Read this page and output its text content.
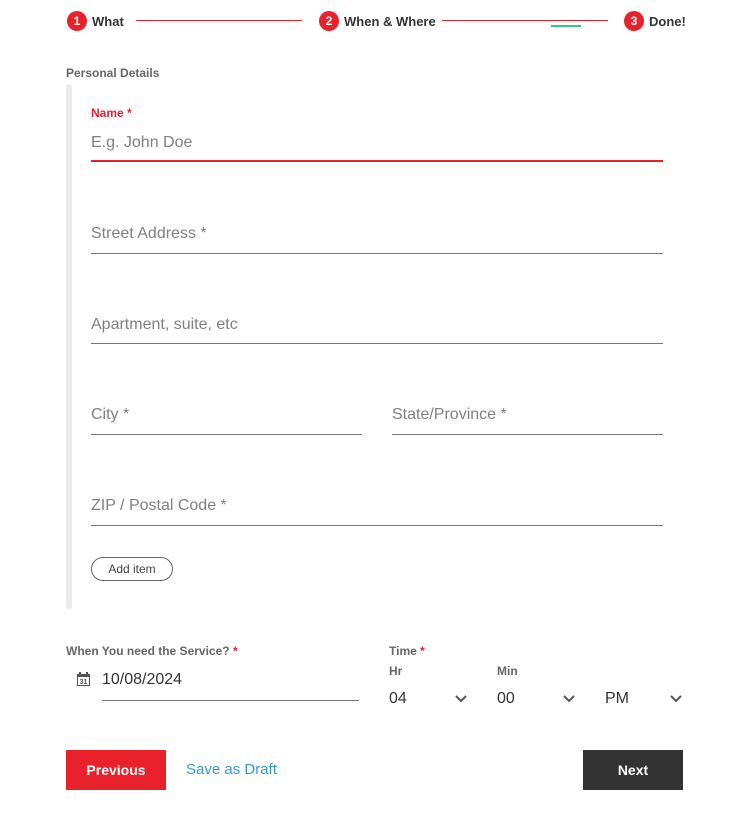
1 What	2 When & Where	3 Done!
Personal Details
Name *
E.g. John Doe
Street Address *
Apartment, suite, etc
City *
State/Province *
ZIP / Postal Code *
Add item
When You need the Service? *
31 10/08/2024
Time *
Hr	Min
04	00	PM
Previous	Save as Draft	Next
